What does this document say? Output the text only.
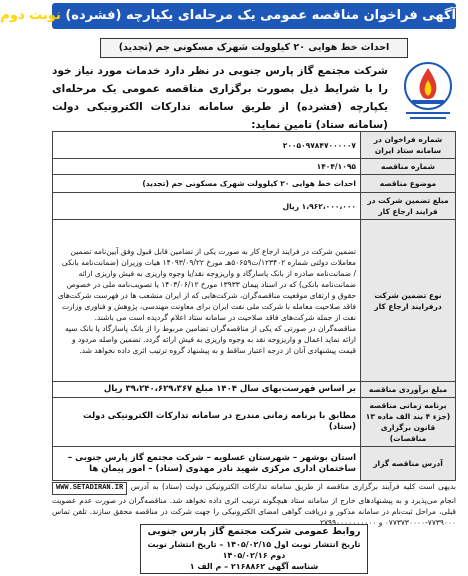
آگهی فراخوان مناقصه عمومی یک مرحله‌ای یکپارچه (فشرده) نوبت دوم
احداث خط هوایی ۲۰ کیلوولت شهرک مسکونی جم (تجدید)
شرکت مجتمع گاز پارس جنوبی در نظر دارد خدمات مورد نیاز خود را با شرایط ذیل بصورت برگزاری مناقصه عمومی یک مرحله‌ای یکپارچه (فشرده) از طریق سامانه تدارکات الکترونیکی دولت (سامانه ستاد) تامین نماید:
شماره فراخوان در سامانه ستاد ایران	۲۰۰۵۰۹۷۸۴۷۰۰۰۰۰۷
شماره مناقصه	۱۴۰۴/۱۰۹۵
موضوع مناقصه	احداث خط هوایی ۲۰ کیلوولت شهرک مسکونی جم (تجدید)
مبلغ تضمین شرکت در فرایند ارجاع کار	۱،۹۶۲،۰۰۰،۰۰۰ ریال
نوع تضمین شرکت درفرایند ارجاع کار	تضمین شرکت در فرایند ارجاع کار به صورت یکی از تضامین قابل قبول وفق آیین‌نامه تضمین معاملات دولتی شماره ۱۲۳۴۰۲/ت۵۰۶۵۹هـ مورخ ۱۴۰۹۳/۰۹/۲۲ هیات وزیران (ضمانت‌نامه بانکی / ضمانت‌نامه صادره از بانک پاسارگاد و واریزوجه نقد/یا وجوه واریزی به فیش واریزی ارائه ضمانت‌نامه بانکی) که در اسناد پیمان ۱۳۹۳۳ مورخ ۱۴۰۳/۰۶/۱۲ یا تصویب‌نامه ملی در خصوص حقوق و ارتقای موقعیت مناقصه‌گران، شرکت‌هایی که از ایران منشعب ها در فهرست شرکت‌های فاقد صلاحیت معامله با شرکت ملی نفت ایران برای معاونت مهندسی، پژوهش و فناوری وزارت نفت از جمله شرکت‌های فاقد صلاحیت در سامانه ستاد اعلام گردیده است می باشند. مناقصه‌گران در صورتی که یکی از مناقصه‌گران تضامین مربوط را از بانک پاسارگاد یا بانک سپه ارائه نماید اعمال و واریزوجه نقد به وجوه واریزی به فیش ارائه گردد. تضمین واصله مردود و قیمت پیشنهادی آنان از درجه اعتبار ساقط و به پیشنهاد گروه ترتیب اثری داده نخواهد شد.
مبلغ برآوردی مناقصه	بر اساس فهرست‌بهای سال ۱۴۰۴ مبلغ ۳۹،۲۴۰،۶۲۹،۳۶۷ ریال
برنامه زمانی مناقصه (جزء ۴ بند الف ماده ۱۳ قانون برگزاری مناقصات)	مطابق با برنامه زمانی مندرج در سامانه تدارکات الکترونیکی دولت (ستاد)
آدرس مناقصه گزار	استان بوشهر – شهرستان عسلویه – شرکت مجتمع گاز پارس جنوبی – ساختمان اداری مرکزی شهید نادر مهدوی (ستاد) – امور پیمان ها
بدیهی است کلیه فرآیند برگزاری مناقصه از طریق سامانه تدارکات الکترونیکی دولت (ستاد) به آدرس WWW.SETADIRAN.IR انجام می‌پذیرد و به پیشنهادهای خارج از سامانه ستاد هیچگونه ترتیب اثری داده نخواهد شد. مناقصه‌گران در صورت عدم عضویت قبلی، مراحل ثبت‌نام در سامانه مذکور و دریافت گواهی امضای الکترونیکی را جهت شرکت در مناقصه محقق سازند. تلفن تماس ۷۷۳۹۰۰۰-۰۷۷۳۷۳۰۰۰۰ و ۲۷۹۹۰۰۰۰۰۰۰۰۰۰
روابط عمومی شرکت مجتمع گاز پارس جنوبی
تاریخ انتشار نوبت اول ۱۴۰۵/۰۲/۱۵ – تاریخ انتشار نوبت دوم ۱۴۰۵/۰۲/۱۶
شناسه آگهی ۲۱۶۸۸۶۲ – م الف ۱
